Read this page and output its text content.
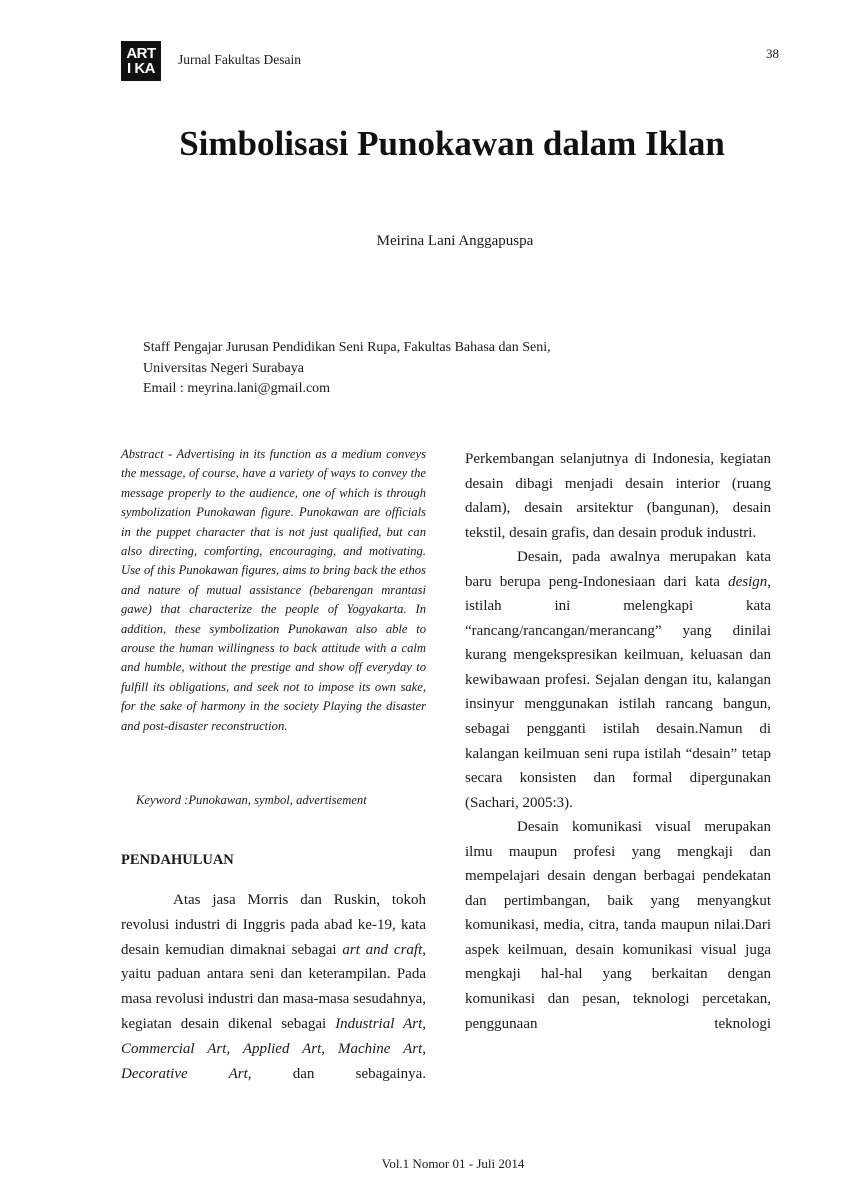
ART
I KA
Jurnal Fakultas Desain	38
Simbolisasi Punokawan dalam Iklan
Meirina Lani Anggapuspa
Staff Pengajar Jurusan Pendidikan Seni Rupa, Fakultas Bahasa dan Seni,
Universitas Negeri Surabaya
Email : meyrina.lani@gmail.com
Abstract - Advertising in its function as a medium conveys the message, of course, have a variety of ways to convey the message properly to the audience, one of which is through symbolization Punokawan figure. Punokawan are officials in the puppet character that is not just qualified, but can also directing, comforting, encouraging, and motivating. Use of this Punokawan figures, aims to bring back the ethos and nature of mutual assistance (bebarengan mrantasi gawe) that characterize the people of Yogyakarta. In addition, these symbolization Punokawan also able to arouse the human willingness to back attitude with a calm and humble, without the prestige and show off everyday to fulfill its obligations, and seek not to impose its own sake, for the sake of harmony in the society Playing the disaster and post-disaster reconstruction.
Keyword :Punokawan, symbol, advertisement
PENDAHULUAN

Atas jasa Morris dan Ruskin, tokoh revolusi industri di Inggris pada abad ke-19, kata desain kemudian dimaknai sebagai art and craft, yaitu paduan antara seni dan keterampilan. Pada masa revolusi industri dan masa-masa sesudahnya, kegiatan desain dikenal sebagai Industrial Art, Commercial Art, Applied Art, Machine Art, Decorative Art, dan sebagainya.

Perkembangan selanjutnya di Indonesia, kegiatan desain dibagi menjadi desain interior (ruang dalam), desain arsitektur (bangunan), desain tekstil, desain grafis, dan desain produk industri.

Desain, pada awalnya merupakan kata baru berupa peng-Indonesiaan dari kata design, istilah ini melengkapi kata “rancang/rancangan/merancang” yang dinilai kurang mengekspresikan keilmuan, keluasan dan kewibawaan profesi. Sejalan dengan itu, kalangan insinyur menggunakan istilah rancang bangun, sebagai pengganti istilah desain.Namun di kalangan keilmuan seni rupa istilah “desain” tetap secara konsisten dan formal dipergunakan (Sachari, 2005:3).

Desain komunikasi visual merupakan ilmu maupun profesi yang mengkaji dan mempelajari desain dengan berbagai pendekatan dan pertimbangan, baik yang menyangkut komunikasi, media, citra, tanda maupun nilai.Dari aspek keilmuan, desain komunikasi visual juga mengkaji hal-hal yang berkaitan dengan komunikasi dan pesan, teknologi percetakan, penggunaan teknologi

Vol.1 Nomor 01 - Juli 2014
